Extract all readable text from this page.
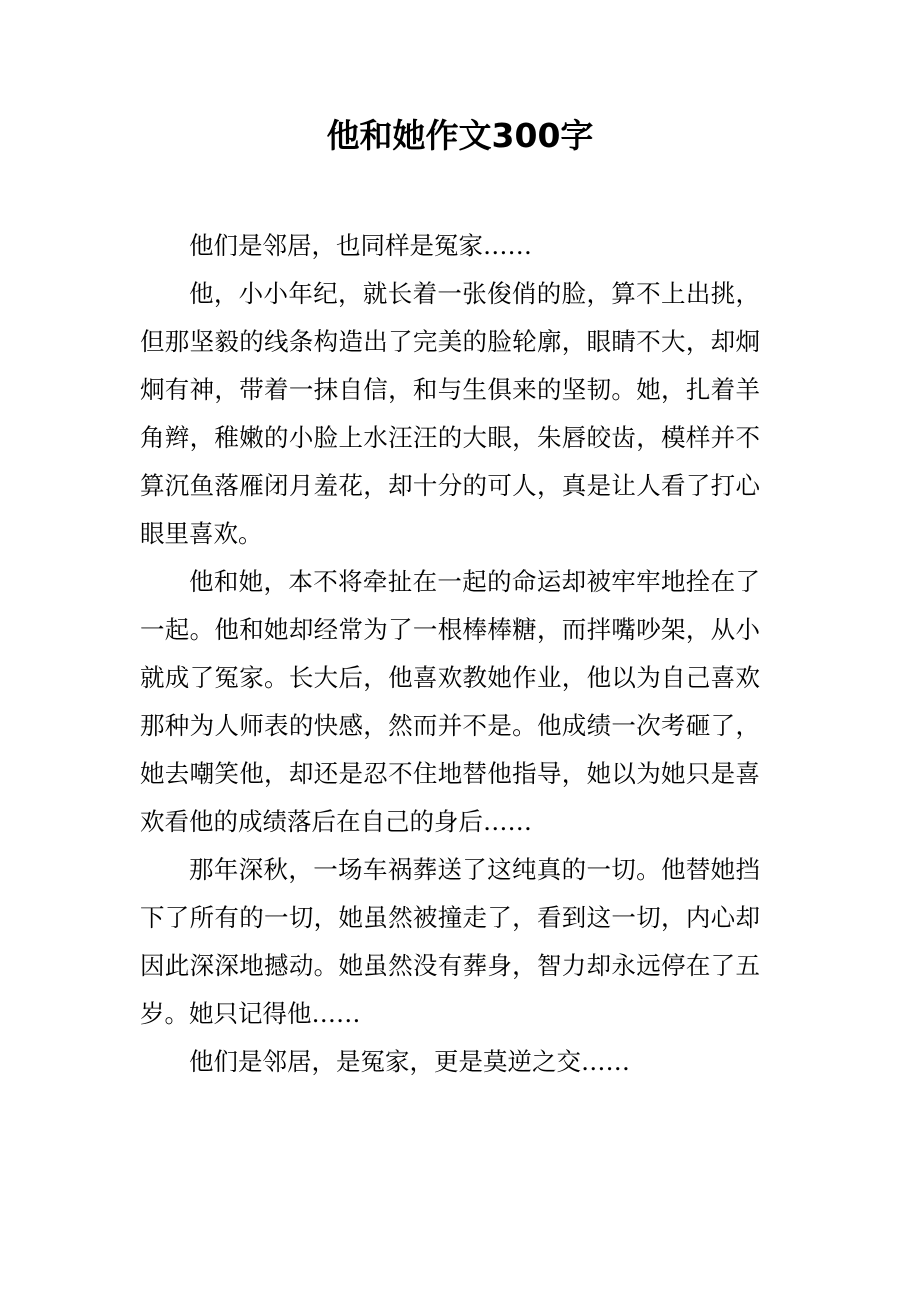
他和她作文300字

他们是邻居，也同样是冤家……

他，小小年纪，就长着一张俊俏的脸，算不上出挑，但那坚毅的线条构造出了完美的脸轮廓，眼睛不大，却炯炯有神，带着一抹自信，和与生俱来的坚韧。她，扎着羊角辫，稚嫩的小脸上水汪汪的大眼，朱唇皎齿，模样并不算沉鱼落雁闭月羞花，却十分的可人，真是让人看了打心眼里喜欢。

他和她，本不将牵扯在一起的命运却被牢牢地拴在了一起。他和她却经常为了一根棒棒糖，而拌嘴吵架，从小就成了冤家。长大后，他喜欢教她作业，他以为自己喜欢那种为人师表的快感，然而并不是。他成绩一次考砸了，她去嘲笑他，却还是忍不住地替他指导，她以为她只是喜欢看他的成绩落后在自己的身后……

那年深秋，一场车祸葬送了这纯真的一切。他替她挡下了所有的一切，她虽然被撞走了，看到这一切，内心却因此深深地撼动。她虽然没有葬身，智力却永远停在了五岁。她只记得他……

他们是邻居，是冤家，更是莫逆之交……
